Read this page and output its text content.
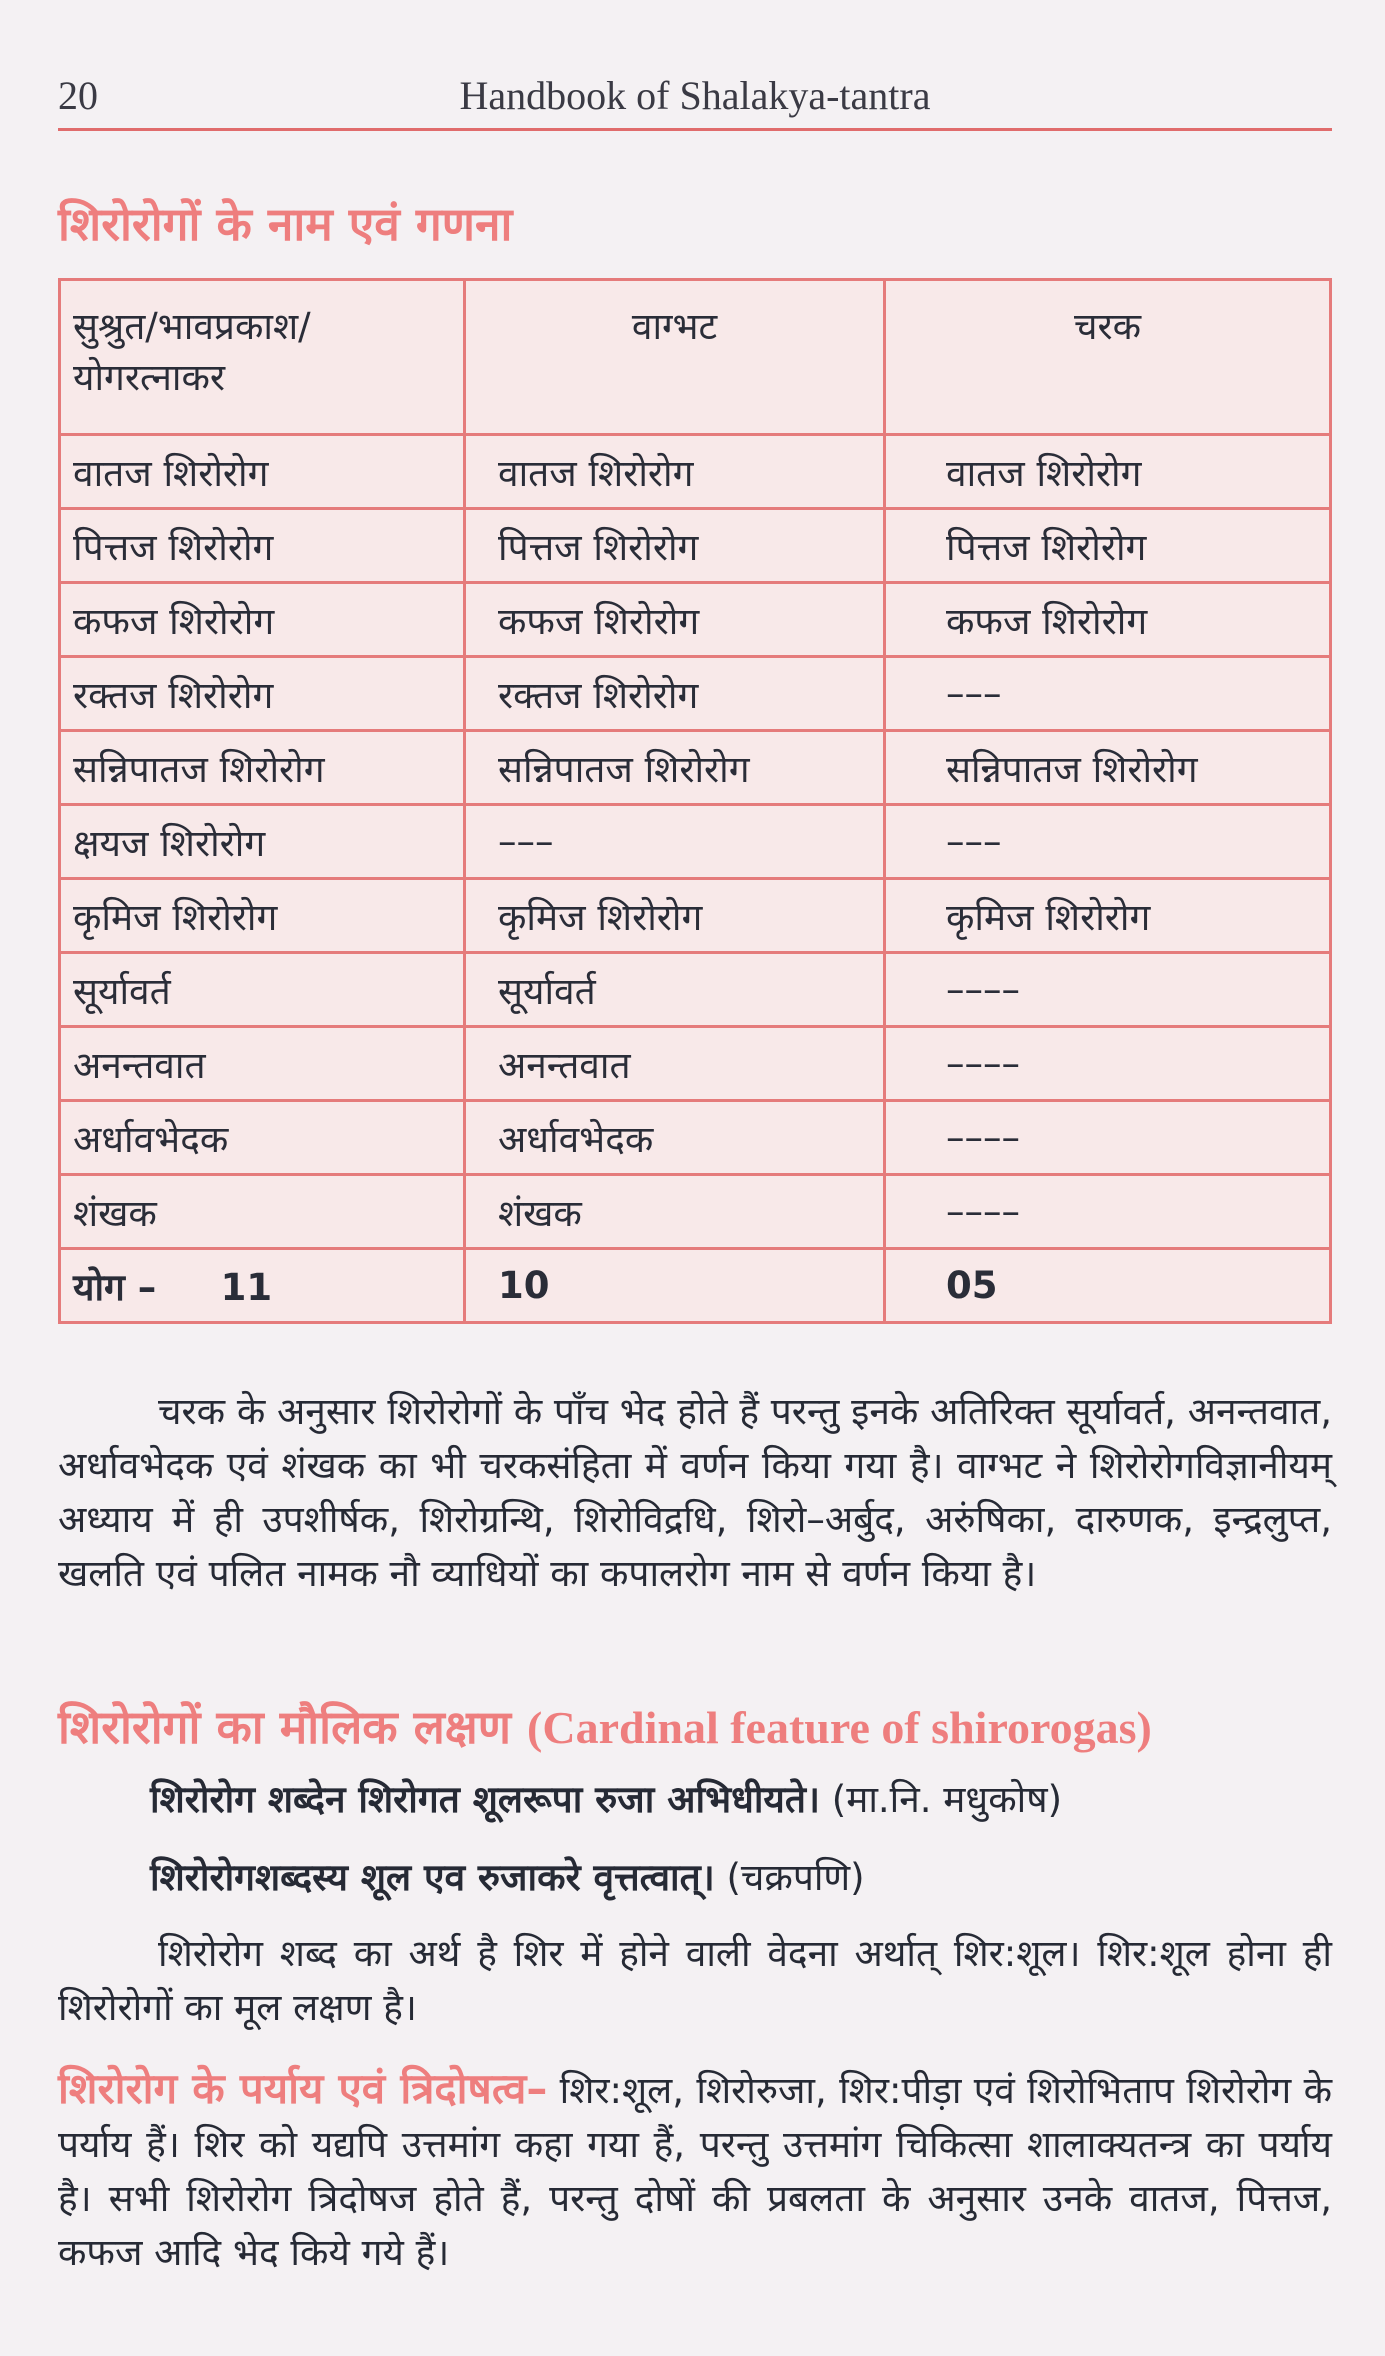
20	Handbook of Shalakya-tantra
शिरोरोगों के नाम एवं गणना
सुश्रुत/भावप्रकाश/ योगरत्नाकर	वाग्भट	चरक
वातज शिरोरोग	वातज शिरोरोग	वातज शिरोरोग
पित्तज शिरोरोग	पित्तज शिरोरोग	पित्तज शिरोरोग
कफज शिरोरोग	कफज शिरोरोग	कफज शिरोरोग
रक्तज शिरोरोग	रक्तज शिरोरोग	–––
सन्निपातज शिरोरोग	सन्निपातज शिरोरोग	सन्निपातज शिरोरोग
क्षयज शिरोरोग	–––	–––
कृमिज शिरोरोग	कृमिज शिरोरोग	कृमिज शिरोरोग
सूर्यावर्त	सूर्यावर्त	––––
अनन्तवात	अनन्तवात	––––
अर्धावभेदक	अर्धावभेदक	––––
शंखक	शंखक	––––
योग –     11	10	05

चरक के अनुसार शिरोरोगों के पाँच भेद होते हैं परन्तु इनके अतिरिक्त सूर्यावर्त, अनन्तवात, अर्धावभेदक एवं शंखक का भी चरकसंहिता में वर्णन किया गया है। वाग्भट ने शिरोरोगविज्ञानीयम् अध्याय में ही उपशीर्षक, शिरोग्रन्थि, शिरोविद्रधि, शिरो–अर्बुद, अरुंषिका, दारुणक, इन्द्रलुप्त, खलति एवं पलित नामक नौ व्याधियों का कपालरोग नाम से वर्णन किया है।

शिरोरोगों का मौलिक लक्षण (Cardinal feature of shirorogas)
शिरोरोग शब्देन शिरोगत शूलरूपा रुजा अभिधीयते। (मा.नि. मधुकोष)
शिरोरोगशब्दस्य शूल एव रुजाकरे वृत्तत्वात्। (चक्रपणि)

शिरोरोग शब्द का अर्थ है शिर में होने वाली वेदना अर्थात् शिर:शूल। शिर:शूल होना ही शिरोरोगों का मूल लक्षण है।

शिरोरोग के पर्याय एवं त्रिदोषत्व– शिर:शूल, शिरोरुजा, शिर:पीड़ा एवं शिरोभिताप शिरोरोग के पर्याय हैं। शिर को यद्यपि उत्तमांग कहा गया हैं, परन्तु उत्तमांग चिकित्सा शालाक्यतन्त्र का पर्याय है। सभी शिरोरोग त्रिदोषज होते हैं, परन्तु दोषों की प्रबलता के अनुसार उनके वातज, पित्तज, कफज आदि भेद किये गये हैं।
